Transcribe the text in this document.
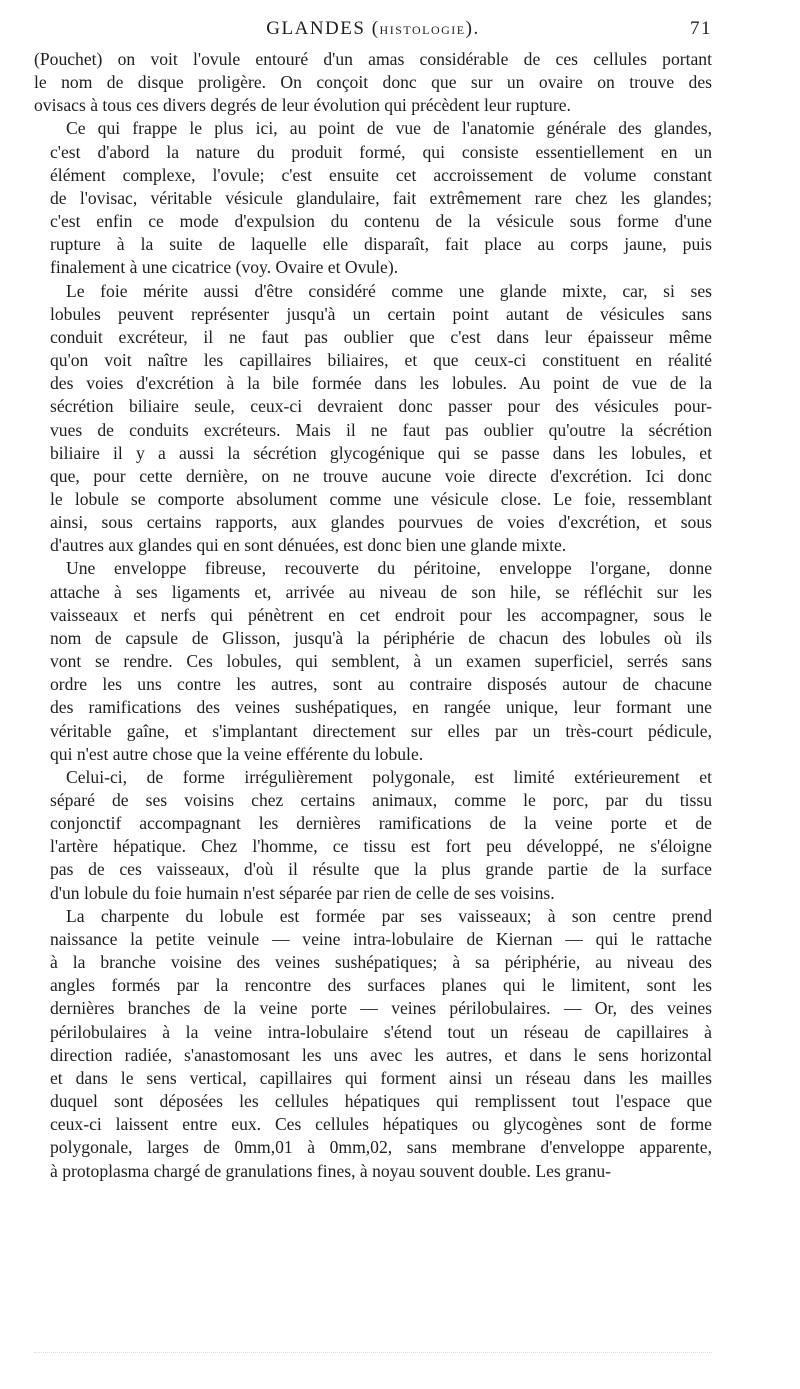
GLANDES (HISTOLOGIE).	71

(Pouchet) on voit l'ovule entouré d'un amas considérable de ces cellules portant
le nom de disque proligère. On conçoit donc que sur un ovaire on trouve des
ovisacs à tous ces divers degrés de leur évolution qui précèdent leur rupture.

Ce qui frappe le plus ici, au point de vue de l'anatomie générale des glandes,
c'est d'abord la nature du produit formé, qui consiste essentiellement en un
élément complexe, l'ovule; c'est ensuite cet accroissement de volume constant
de l'ovisac, véritable vésicule glandulaire, fait extrêmement rare chez les glandes;
c'est enfin ce mode d'expulsion du contenu de la vésicule sous forme d'une
rupture à la suite de laquelle elle disparaît, fait place au corps jaune, puis
finalement à une cicatrice (voy. Ovaire et Ovule).

Le foie mérite aussi d'être considéré comme une glande mixte, car, si ses
lobules peuvent représenter jusqu'à un certain point autant de vésicules sans
conduit excréteur, il ne faut pas oublier que c'est dans leur épaisseur même
qu'on voit naître les capillaires biliaires, et que ceux-ci constituent en réalité
des voies d'excrétion à la bile formée dans les lobules. Au point de vue de la
sécrétion biliaire seule, ceux-ci devraient donc passer pour des vésicules pour-
vues de conduits excréteurs. Mais il ne faut pas oublier qu'outre la sécrétion
biliaire il y a aussi la sécrétion glycogénique qui se passe dans les lobules, et
que, pour cette dernière, on ne trouve aucune voie directe d'excrétion. Ici donc
le lobule se comporte absolument comme une vésicule close. Le foie, ressemblant
ainsi, sous certains rapports, aux glandes pourvues de voies d'excrétion, et sous
d'autres aux glandes qui en sont dénuées, est donc bien une glande mixte.

Une enveloppe fibreuse, recouverte du péritoine, enveloppe l'organe, donne
attache à ses ligaments et, arrivée au niveau de son hile, se réfléchit sur les
vaisseaux et nerfs qui pénètrent en cet endroit pour les accompagner, sous le
nom de capsule de Glisson, jusqu'à la périphérie de chacun des lobules où ils
vont se rendre. Ces lobules, qui semblent, à un examen superficiel, serrés sans
ordre les uns contre les autres, sont au contraire disposés autour de chacune
des ramifications des veines sushépatiques, en rangée unique, leur formant une
véritable gaîne, et s'implantant directement sur elles par un très-court pédicule,
qui n'est autre chose que la veine efférente du lobule.

Celui-ci, de forme irrégulièrement polygonale, est limité extérieurement et
séparé de ses voisins chez certains animaux, comme le porc, par du tissu
conjonctif accompagnant les dernières ramifications de la veine porte et de
l'artère hépatique. Chez l'homme, ce tissu est fort peu développé, ne s'éloigne
pas de ces vaisseaux, d'où il résulte que la plus grande partie de la surface
d'un lobule du foie humain n'est séparée par rien de celle de ses voisins.

La charpente du lobule est formée par ses vaisseaux; à son centre prend
naissance la petite veinule — veine intra-lobulaire de Kiernan — qui le rattache
à la branche voisine des veines sushépatiques; à sa périphérie, au niveau des
angles formés par la rencontre des surfaces planes qui le limitent, sont les
dernières branches de la veine porte — veines périlobulaires. — Or, des veines
périlobulaires à la veine intra-lobulaire s'étend tout un réseau de capillaires à
direction radiée, s'anastomosant les uns avec les autres, et dans le sens horizontal
et dans le sens vertical, capillaires qui forment ainsi un réseau dans les mailles
duquel sont déposées les cellules hépatiques qui remplissent tout l'espace que
ceux-ci laissent entre eux. Ces cellules hépatiques ou glycogènes sont de forme
polygonale, larges de 0mm,01 à 0mm,02, sans membrane d'enveloppe apparente,
à protoplasma chargé de granulations fines, à noyau souvent double. Les granu-
